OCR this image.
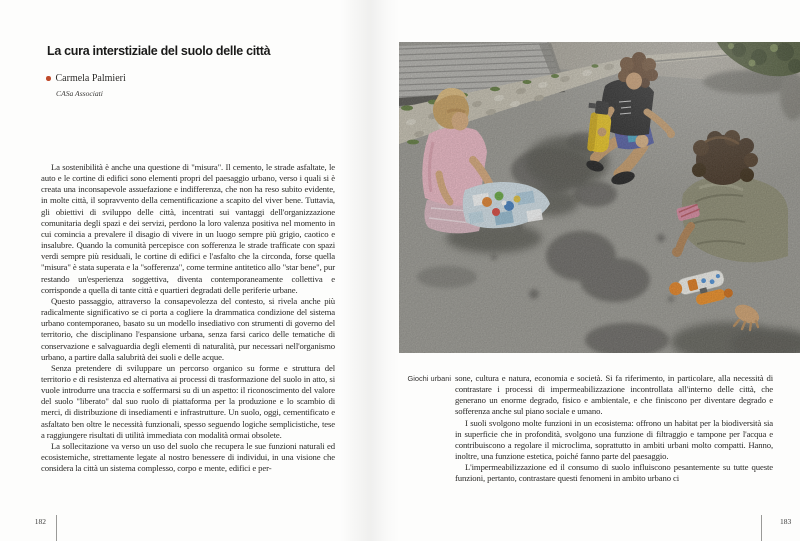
La cura interstiziale del suolo delle città
Carmela Palmieri
CASa Associati

La sostenibilità è anche una questione di "misura". Il cemento, le strade asfaltate, le auto e le cortine di edifici sono elementi propri del paesaggio urbano, verso i quali si è creata una inconsapevole assuefazione e indifferenza, che non ha reso subito evidente, in molte città, il sopravvento della cementificazione a scapito del viver bene. Tuttavia, gli obiettivi di sviluppo delle città, incentrati sui vantaggi dell'organizzazione comunitaria degli spazi e dei servizi, perdono la loro valenza positiva nel momento in cui comincia a prevalere il disagio di vivere in un luogo sempre più grigio, caotico e insalubre. Quando la comunità percepisce con sofferenza le strade trafficate con spazi verdi sempre più residuali, le cortine di edifici e l'asfalto che la circonda, forse quella "misura" è stata superata e la "sofferenza", come termine antitetico allo "star bene", pur restando un'esperienza soggettiva, diventa contemporaneamente collettiva e corrisponde a quella di tante città e quartieri degradati delle periferie urbane.

Questo passaggio, attraverso la consapevolezza del contesto, si rivela anche più radicalmente significativo se ci porta a cogliere la drammatica condizione del sistema urbano contemporaneo, basato su un modello insediativo con strumenti di governo del territorio, che disciplinano l'espansione urbana, senza farsi carico delle tematiche di conservazione e salvaguardia degli elementi di naturalità, pur necessari nell'organismo urbano, a partire dalla salubrità dei suoli e delle acque.

Senza pretendere di sviluppare un percorso organico su forme e struttura del territorio e di resistenza ed alternativa ai processi di trasformazione del suolo in atto, si vuole introdurre una traccia e soffermarsi su di un aspetto: il riconoscimento del valore del suolo "liberato" dal suo ruolo di piattaforma per la produzione e lo scambio di merci, di distribuzione di insediamenti e infrastrutture. Un suolo, oggi, cementificato e asfaltato ben oltre le necessità funzionali, spesso seguendo logiche semplicistiche, tese a raggiungere risultati di utilità immediata con modalità ormai obsolete.

La sollecitazione va verso un uso del suolo che recupera le sue funzioni naturali ed ecosistemiche, strettamente legate al nostro benessere di individui, in una visione che considera la città un sistema complesso, corpo e mente, edifici e per-

182
Giochi urbani sone, cultura e natura, economia e società. Si fa riferimento, in particolare, alla necessità di contrastare i processi di impermeabilizzazione incontrollata all'interno delle città, che generano un enorme degrado, fisico e ambientale, e che finiscono per diventare degrado e sofferenza anche sul piano sociale e umano.

I suoli svolgono molte funzioni in un ecosistema: offrono un habitat per la biodiversità sia in superficie che in profondità, svolgono una funzione di filtraggio e tampone per l'acqua e contribuiscono a regolare il microclima, soprattutto in ambiti urbani molto compatti. Hanno, inoltre, una funzione estetica, poiché fanno parte del paesaggio.

L'impermeabilizzazione ed il consumo di suolo influiscono pesantemente su tutte queste funzioni, pertanto, contrastare questi fenomeni in ambito urbano ci

183
